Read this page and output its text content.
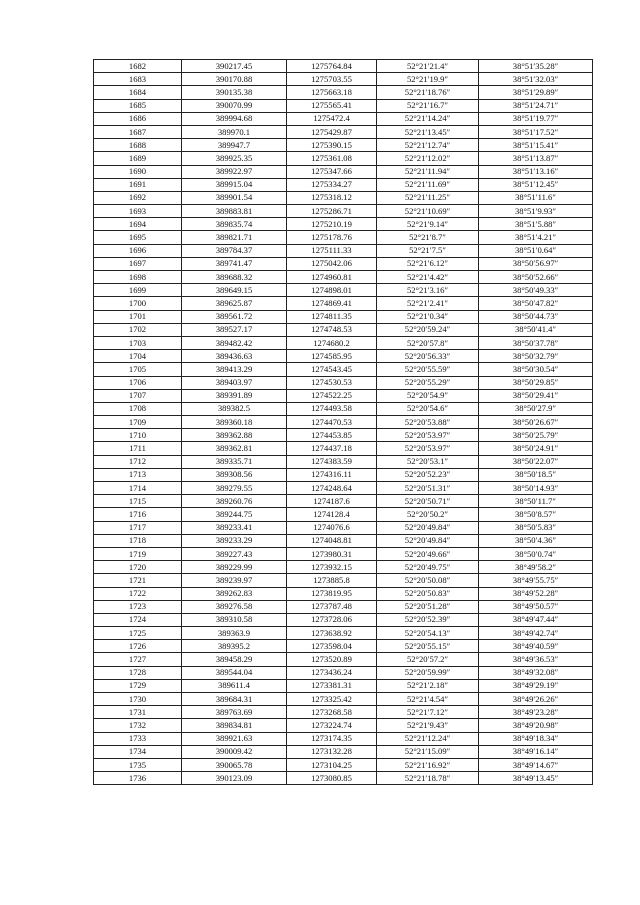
1682	390217.45	1275764.84	52°21′21.4″	38°51′35.28″
1683	390170.88	1275703.55	52°21′19.9″	38°51′32.03″
1684	390135.38	1275663.18	52°21′18.76″	38°51′29.89″
1685	390070.99	1275565.41	52°21′16.7″	38°51′24.71″
1686	389994.68	1275472.4	52°21′14.24″	38°51′19.77″
1687	389970.1	1275429.87	52°21′13.45″	38°51′17.52″
1688	389947.7	1275390.15	52°21′12.74″	38°51′15.41″
1689	389925.35	1275361.08	52°21′12.02″	38°51′13.87″
1690	389922.97	1275347.66	52°21′11.94″	38°51′13.16″
1691	389915.04	1275334.27	52°21′11.69″	38°51′12.45″
1692	389901.54	1275318.12	52°21′11.25″	38°51′11.6″
1693	389883.81	1275286.71	52°21′10.69″	38°51′9.93″
1694	389835.74	1275210.19	52°21′9.14″	38°51′5.88″
1695	389821.71	1275178.76	52°21′8.7″	38°51′4.21″
1696	389784.37	1275111.33	52°21′7.5″	38°51′0.64″
1697	389741.47	1275042.06	52°21′6.12″	38°50′56.97″
1698	389688.32	1274960.81	52°21′4.42″	38°50′52.66″
1699	389649.15	1274898.01	52°21′3.16″	38°50′49.33″
1700	389625.87	1274869.41	52°21′2.41″	38°50′47.82″
1701	389561.72	1274811.35	52°21′0.34″	38°50′44.73″
1702	389527.17	1274748.53	52°20′59.24″	38°50′41.4″
1703	389482.42	1274680.2	52°20′57.8″	38°50′37.78″
1704	389436.63	1274585.95	52°20′56.33″	38°50′32.79″
1705	389413.29	1274543.45	52°20′55.59″	38°50′30.54″
1706	389403.97	1274530.53	52°20′55.29″	38°50′29.85″
1707	389391.89	1274522.25	52°20′54.9″	38°50′29.41″
1708	389382.5	1274493.58	52°20′54.6″	38°50′27.9″
1709	389360.18	1274470.53	52°20′53.88″	38°50′26.67″
1710	389362.88	1274453.85	52°20′53.97″	38°50′25.79″
1711	389362.81	1274437.18	52°20′53.97″	38°50′24.91″
1712	389335.71	1274383.59	52°20′53.1″	38°50′22.07″
1713	389308.56	1274316.11	52°20′52.23″	38°50′18.5″
1714	389279.55	1274248.64	52°20′51.31″	38°50′14.93″
1715	389260.76	1274187.6	52°20′50.71″	38°50′11.7″
1716	389244.75	1274128.4	52°20′50.2″	38°50′8.57″
1717	389233.41	1274076.6	52°20′49.84″	38°50′5.83″
1718	389233.29	1274048.81	52°20′49.84″	38°50′4.36″
1719	389227.43	1273980.31	52°20′49.66″	38°50′0.74″
1720	389229.99	1273932.15	52°20′49.75″	38°49′58.2″
1721	389239.97	1273885.8	52°20′50.08″	38°49′55.75″
1722	389262.83	1273819.95	52°20′50.83″	38°49′52.28″
1723	389276.58	1273787.48	52°20′51.28″	38°49′50.57″
1724	389310.58	1273728.06	52°20′52.39″	38°49′47.44″
1725	389363.9	1273638.92	52°20′54.13″	38°49′42.74″
1726	389395.2	1273598.04	52°20′55.15″	38°49′40.59″
1727	389458.29	1273520.89	52°20′57.2″	38°49′36.53″
1728	389544.04	1273436.24	52°20′59.99″	38°49′32.08″
1729	389611.4	1273381.31	52°21′2.18″	38°49′29.19″
1730	389684.31	1273325.42	52°21′4.54″	38°49′26.26″
1731	389763.69	1273268.58	52°21′7.12″	38°49′23.28″
1732	389834.81	1273224.74	52°21′9.43″	38°49′20.98″
1733	389921.63	1273174.35	52°21′12.24″	38°49′18.34″
1734	390009.42	1273132.28	52°21′15.09″	38°49′16.14″
1735	390065.78	1273104.25	52°21′16.92″	38°49′14.67″
1736	390123.09	1273080.85	52°21′18.78″	38°49′13.45″
